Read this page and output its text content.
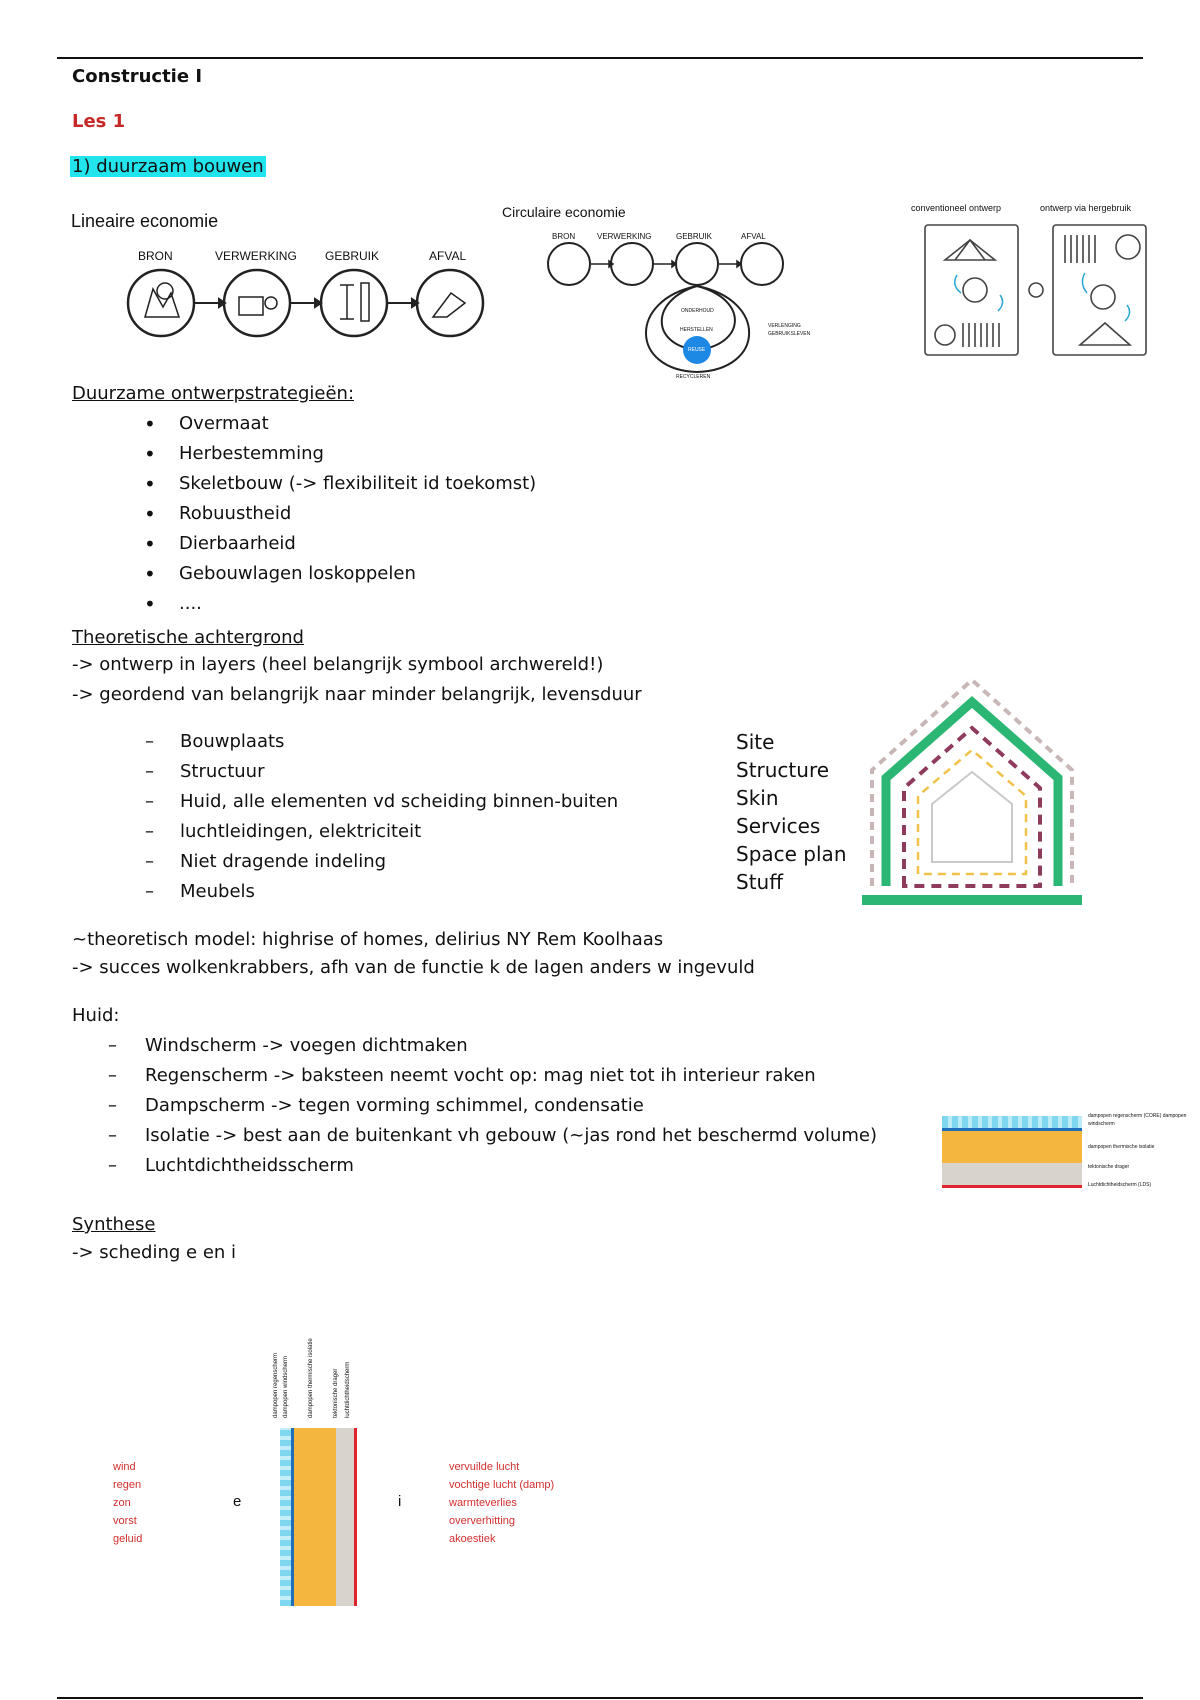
Constructie I
Les 1
1) duurzaam bouwen
Lineaire economie
BRON	VERWERKING GEBRUIK	AFVAL
Circulaire economie
BRON	VERWERKING	GEBRUIK	AFVAL
ONDERHOUD
HERSTELLEN
REUSE
RECYCLEREN
VERLENGING GEBRUIKSLEVEN
conventioneel ontwerp	ontwerp via hergebruik
Duurzame ontwerpstrategieën:
• Overmaat
• Herbestemming
• Skeletbouw (-> flexibiliteit id toekomst)
• Robuustheid
• Dierbaarheid
• Gebouwlagen loskoppelen
• ....
Theoretische achtergrond
-> ontwerp in layers (heel belangrijk symbool archwereld!)
-> geordend van belangrijk naar minder belangrijk, levensduur
– Bouwplaats
– Structuur
– Huid, alle elementen vd scheiding binnen-buiten
– luchtleidingen, elektriciteit
– Niet dragende indeling
– Meubels
Site
Structure
Skin
Services
Space plan
Stuff
~theoretisch model: highrise of homes, delirius NY Rem Koolhaas
-> succes wolkenkrabbers, afh van de functie k de lagen anders w ingevuld
Huid:
– Windscherm -> voegen dichtmaken
– Regenscherm -> baksteen neemt vocht op: mag niet tot ih interieur raken
– Dampscherm -> tegen vorming schimmel, condensatie
– Isolatie -> best aan de buitenkant vh gebouw (~jas rond het beschermd volume)
– Luchtdichtheidsscherm
dampopen regenscherm (CORE) dampopen windscherm
dampopen thermische isolatie
tektonische drager
Luchtdichtheidscherm (LDS)
Synthese
-> scheding e en i
wind
regen
zon
vorst
geluid
e	i
dampopen regenscherm dampopen windscherm	dampopen thermische isolatie	tektonische drager luchtdichtheidscherm
vervuilde lucht
vochtige lucht (damp)
warmteverlies
oververhitting
akoestiek
